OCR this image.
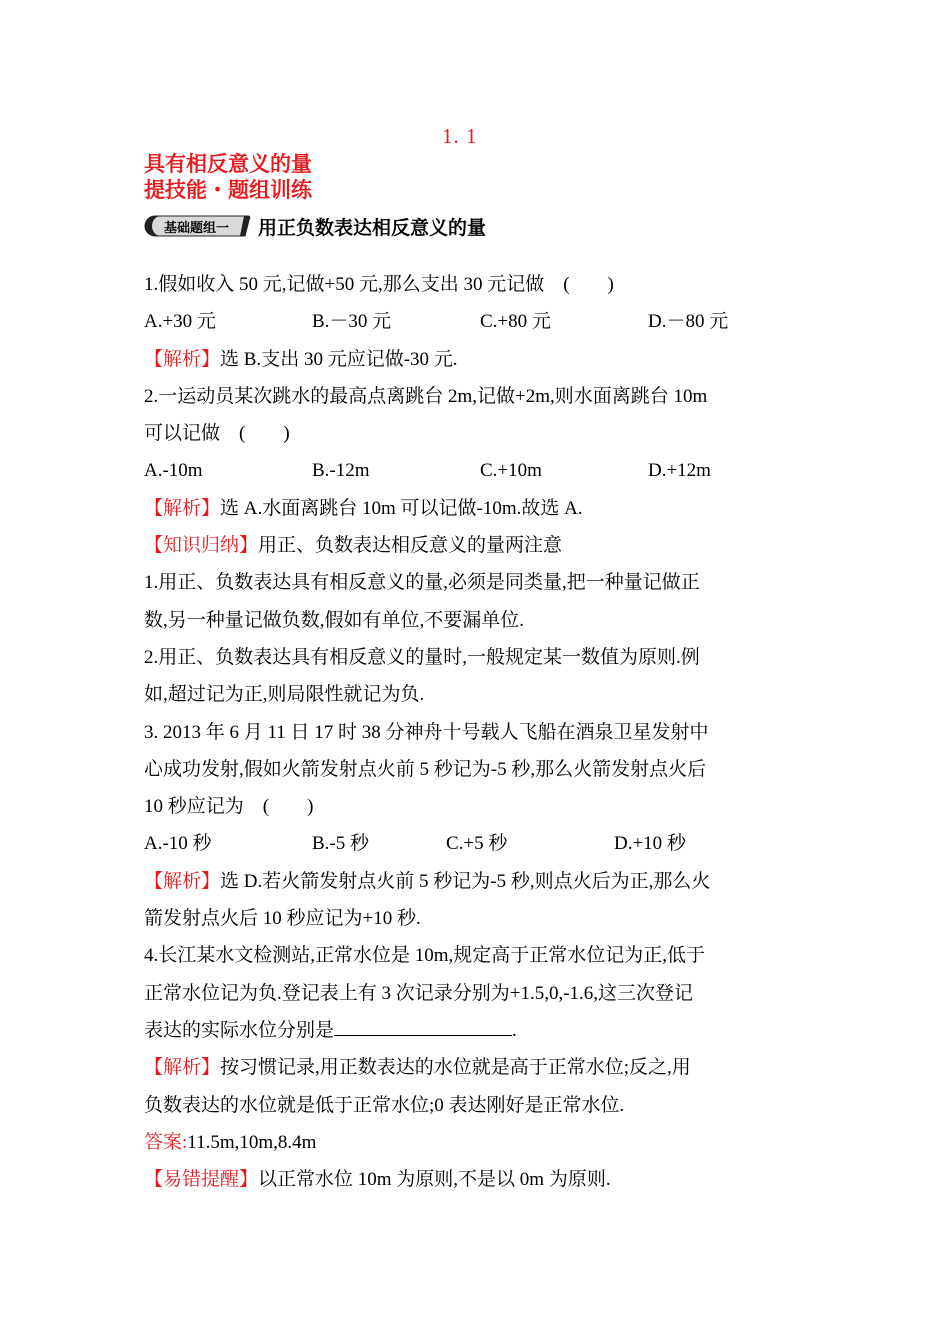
1. 1
具有相反意义的量
提技能・题组训练
基础题组一 用正负数表达相反意义的量
1.假如收入 50 元,记做+50 元,那么支出 30 元记做　(　　)
A.+30 元	B.－30 元	C.+80 元	D.－80 元
【解析】选 B.支出 30 元应记做-30 元.
2.一运动员某次跳水的最高点离跳台 2m,记做+2m,则水面离跳台 10m
可以记做　(　　)
A.-10m	B.-12m	C.+10m	D.+12m
【解析】选 A.水面离跳台 10m 可以记做-10m.故选 A.
【知识归纳】用正、负数表达相反意义的量两注意
1.用正、负数表达具有相反意义的量,必须是同类量,把一种量记做正
数,另一种量记做负数,假如有单位,不要漏单位.
2.用正、负数表达具有相反意义的量时,一般规定某一数值为原则.例
如,超过记为正,则局限性就记为负.
3. 2013 年 6 月 11 日 17 时 38 分神舟十号载人飞船在酒泉卫星发射中
心成功发射,假如火箭发射点火前 5 秒记为-5 秒,那么火箭发射点火后
10 秒应记为　(　　)
A.-10 秒	B.-5 秒	C.+5 秒	D.+10 秒
【解析】选 D.若火箭发射点火前 5 秒记为-5 秒,则点火后为正,那么火
箭发射点火后 10 秒应记为+10 秒.
4.长江某水文检测站,正常水位是 10m,规定高于正常水位记为正,低于
正常水位记为负.登记表上有 3 次记录分别为+1.5,0,-1.6,这三次登记
表达的实际水位分别是	.
【解析】按习惯记录,用正数表达的水位就是高于正常水位;反之,用
负数表达的水位就是低于正常水位;0 表达刚好是正常水位.
答案:11.5m,10m,8.4m
【易错提醒】以正常水位 10m 为原则,不是以 0m 为原则.
